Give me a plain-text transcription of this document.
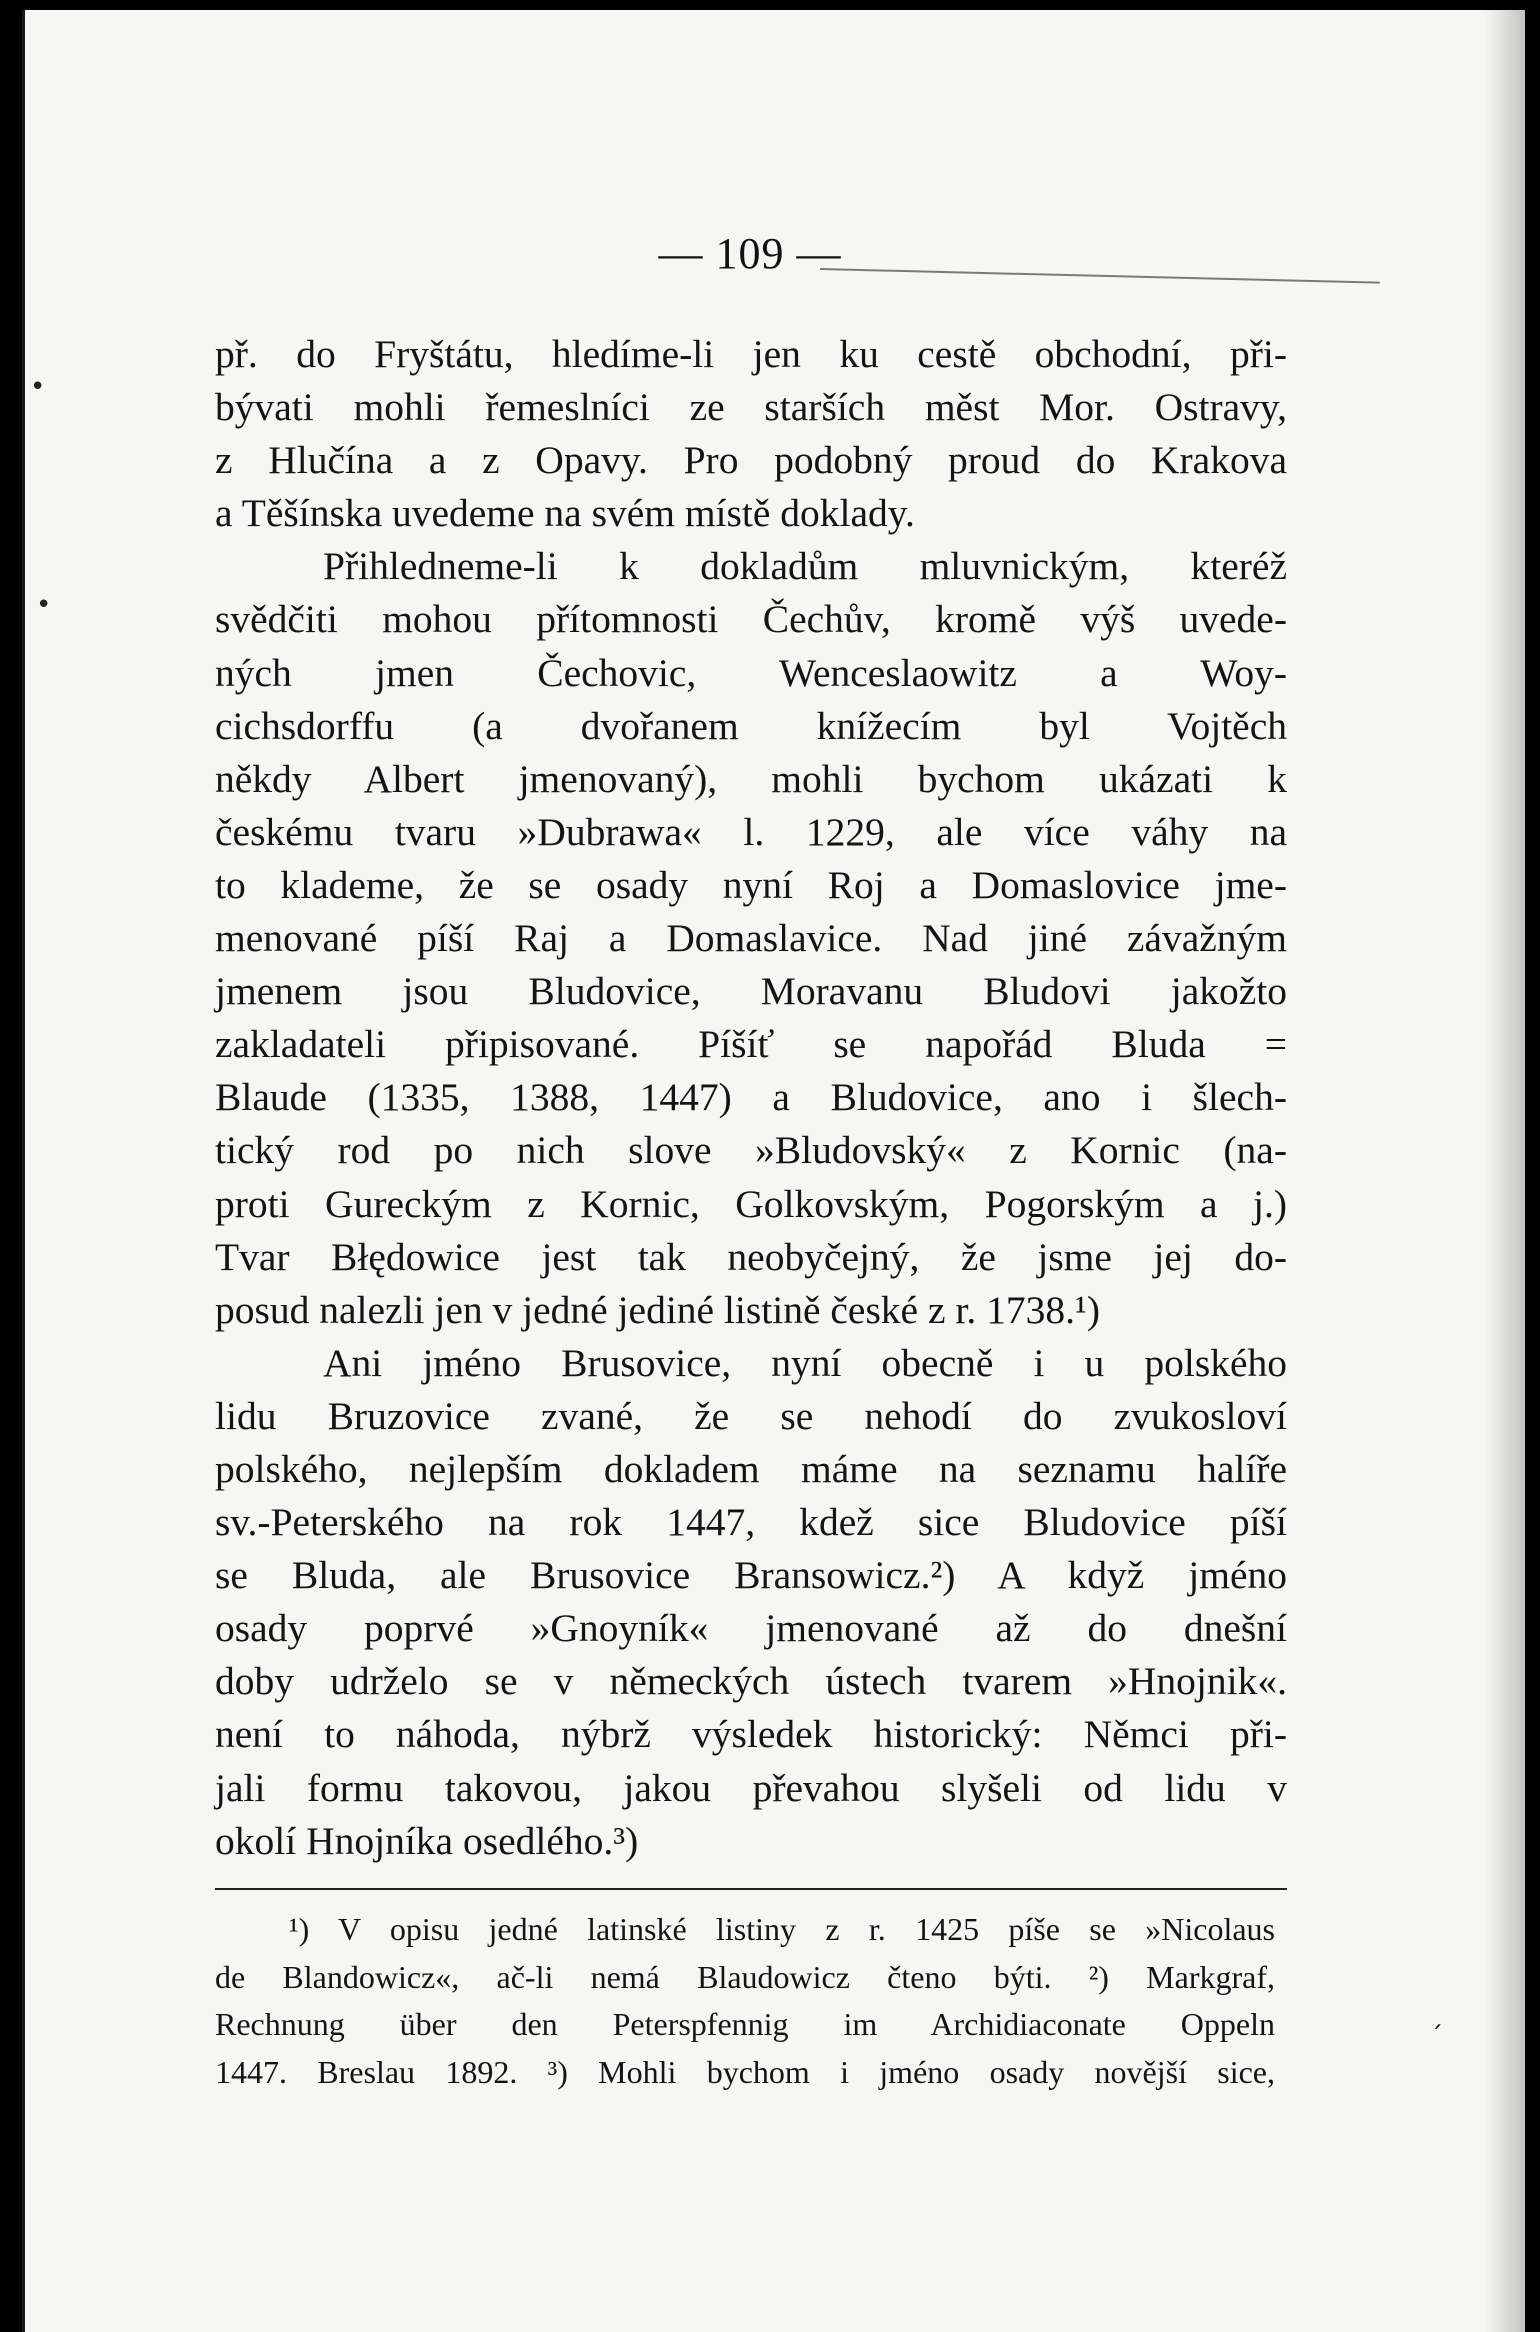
— 109 —
•
•
ˏ
př. do Fryštátu, hledíme-li jen ku cestě obchodní, při-
bývati mohli řemeslníci ze starších měst Mor. Ostravy,
z Hlučína a z Opavy. Pro podobný proud do Krakova
a Těšínska uvedeme na svém místě doklady.
Přihledneme-li k dokladům mluvnickým, kteréž
svědčiti mohou přítomnosti Čechův, kromě výš uvede-
ných jmen Čechovic, Wenceslaowitz a Woy-
cichsdorffu (a dvořanem knížecím byl Vojtěch
někdy Albert jmenovaný), mohli bychom ukázati k
českému tvaru »Dubrawa« l. 1229, ale více váhy na
to klademe, že se osady nyní Roj a Domaslovice jme-
menované píší Raj a Domaslavice. Nad jiné závažným
jmenem jsou Bludovice, Moravanu Bludovi jakožto
zakladateli připisované. Píšíť se napořád Bluda =
Blaude (1335, 1388, 1447) a Bludovice, ano i šlech-
tický rod po nich slove »Bludovský« z Kornic (na-
proti Gureckým z Kornic, Golkovským, Pogorským a j.)
Tvar Błędowice jest tak neobyčejný, že jsme jej do-
posud nalezli jen v jedné jediné listině české z r. 1738.¹)
Ani jméno Brusovice, nyní obecně i u polského
lidu Bruzovice zvané, že se nehodí do zvukosloví
polského, nejlepším dokladem máme na seznamu halíře
sv.-Peterského na rok 1447, kdež sice Bludovice píší
se Bluda, ale Brusovice Bransowicz.²) A když jméno
osady poprvé »Gnoyník« jmenované až do dnešní
doby udrželo se v německých ústech tvarem »Hnojnik«.
není to náhoda, nýbrž výsledek historický: Němci při-
jali formu takovou, jakou převahou slyšeli od lidu v
okolí Hnojníka osedlého.³)
¹) V opisu jedné latinské listiny z r. 1425 píše se »Nicolaus
de Blandowicz«, ač-li nemá Blaudowicz čteno býti. ²) Markgraf,
Rechnung über den Peterspfennig im Archidiaconate Oppeln
1447. Breslau 1892. ³) Mohli bychom i jméno osady novější sice,
